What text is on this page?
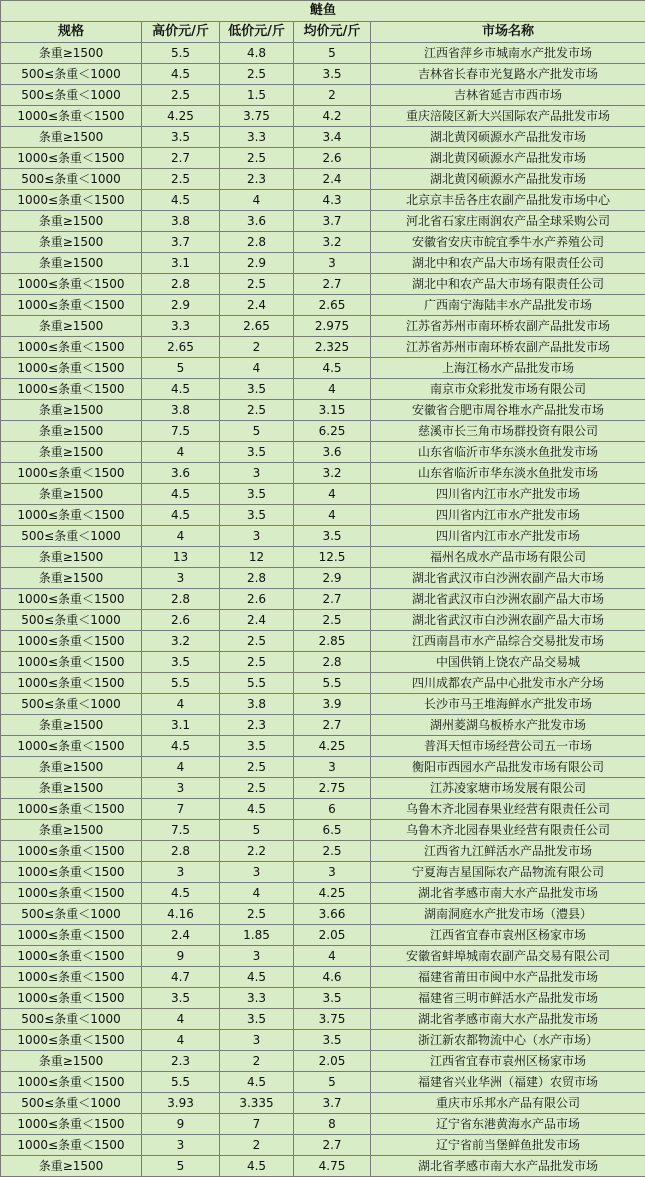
鲢鱼				
规格	高价元/斤	低价元/斤	均价元/斤	市场名称
条重≥1500	5.5	4.8	5	江西省萍乡市城南水产批发市场
500≤条重＜1000	4.5	2.5	3.5	吉林省长春市光复路水产批发市场
500≤条重＜1000	2.5	1.5	2	吉林省延吉市西市场
1000≤条重＜1500	4.25	3.75	4.2	重庆涪陵区新大兴国际农产品批发市场
条重≥1500	3.5	3.3	3.4	湖北黄冈硕源水产品批发市场
1000≤条重＜1500	2.7	2.5	2.6	湖北黄冈硕源水产品批发市场
500≤条重＜1000	2.5	2.3	2.4	湖北黄冈硕源水产品批发市场
1000≤条重＜1500	4.5	4	4.3	北京京丰岳各庄农副产品批发市场中心
条重≥1500	3.8	3.6	3.7	河北省石家庄雨润农产品全球采购公司
条重≥1500	3.7	2.8	3.2	安徽省安庆市皖宜季牛水产养殖公司
条重≥1500	3.1	2.9	3	湖北中和农产品大市场有限责任公司
1000≤条重＜1500	2.8	2.5	2.7	湖北中和农产品大市场有限责任公司
1000≤条重＜1500	2.9	2.4	2.65	广西南宁海陆丰水产品批发市场
条重≥1500	3.3	2.65	2.975	江苏省苏州市南环桥农副产品批发市场
1000≤条重＜1500	2.65	2	2.325	江苏省苏州市南环桥农副产品批发市场
1000≤条重＜1500	5	4	4.5	上海江杨水产品批发市场
1000≤条重＜1500	4.5	3.5	4	南京市众彩批发市场有限公司
条重≥1500	3.8	2.5	3.15	安徽省合肥市周谷堆水产品批发市场
条重≥1500	7.5	5	6.25	慈溪市长三角市场群投资有限公司
条重≥1500	4	3.5	3.6	山东省临沂市华东淡水鱼批发市场
1000≤条重＜1500	3.6	3	3.2	山东省临沂市华东淡水鱼批发市场
条重≥1500	4.5	3.5	4	四川省内江市水产批发市场
1000≤条重＜1500	4.5	3.5	4	四川省内江市水产批发市场
500≤条重＜1000	4	3	3.5	四川省内江市水产批发市场
条重≥1500	13	12	12.5	福州名成水产品市场有限公司
条重≥1500	3	2.8	2.9	湖北省武汉市白沙洲农副产品大市场
1000≤条重＜1500	2.8	2.6	2.7	湖北省武汉市白沙洲农副产品大市场
500≤条重＜1000	2.6	2.4	2.5	湖北省武汉市白沙洲农副产品大市场
1000≤条重＜1500	3.2	2.5	2.85	江西南昌市水产品综合交易批发市场
1000≤条重＜1500	3.5	2.5	2.8	中国供销上饶农产品交易城
1000≤条重＜1500	5.5	5.5	5.5	四川成都农产品中心批发市水产分场
500≤条重＜1000	4	3.8	3.9	长沙市马王堆海鲜水产批发市场
条重≥1500	3.1	2.3	2.7	湖州菱湖乌板桥水产批发市场
1000≤条重＜1500	4.5	3.5	4.25	普洱天恒市场经营公司五一市场
条重≥1500	4	2.5	3	衡阳市西园水产品批发市场有限公司
条重≥1500	3	2.5	2.75	江苏凌家塘市场发展有限公司
1000≤条重＜1500	7	4.5	6	乌鲁木齐北园春果业经营有限责任公司
条重≥1500	7.5	5	6.5	乌鲁木齐北园春果业经营有限责任公司
1000≤条重＜1500	2.8	2.2	2.5	江西省九江鲜活水产品批发市场
1000≤条重＜1500	3	3	3	宁夏海吉星国际农产品物流有限公司
1000≤条重＜1500	4.5	4	4.25	湖北省孝感市南大水产品批发市场
500≤条重＜1000	4.16	2.5	3.66	湖南洞庭水产批发市场（澧县）
1000≤条重＜1500	2.4	1.85	2.05	江西省宜春市袁州区杨家市场
1000≤条重＜1500	9	3	4	安徽省蚌埠城南农副产品交易有限公司
1000≤条重＜1500	4.7	4.5	4.6	福建省莆田市闽中水产品批发市场
1000≤条重＜1500	3.5	3.3	3.5	福建省三明市鲜活水产品批发市场
500≤条重＜1000	4	3.5	3.75	湖北省孝感市南大水产品批发市场
1000≤条重＜1500	4	3	3.5	浙江新农都物流中心（水产市场）
条重≥1500	2.3	2	2.05	江西省宜春市袁州区杨家市场
1000≤条重＜1500	5.5	4.5	5	福建省兴业华洲（福建）农贸市场
500≤条重＜1000	3.93	3.335	3.7	重庆市乐邦水产品有限公司
1000≤条重＜1500	9	7	8	辽宁省东港黄海水产品市场
1000≤条重＜1500	3	2	2.7	辽宁省前当堡鲜鱼批发市场
条重≥1500	5	4.5	4.75	湖北省孝感市南大水产品批发市场
